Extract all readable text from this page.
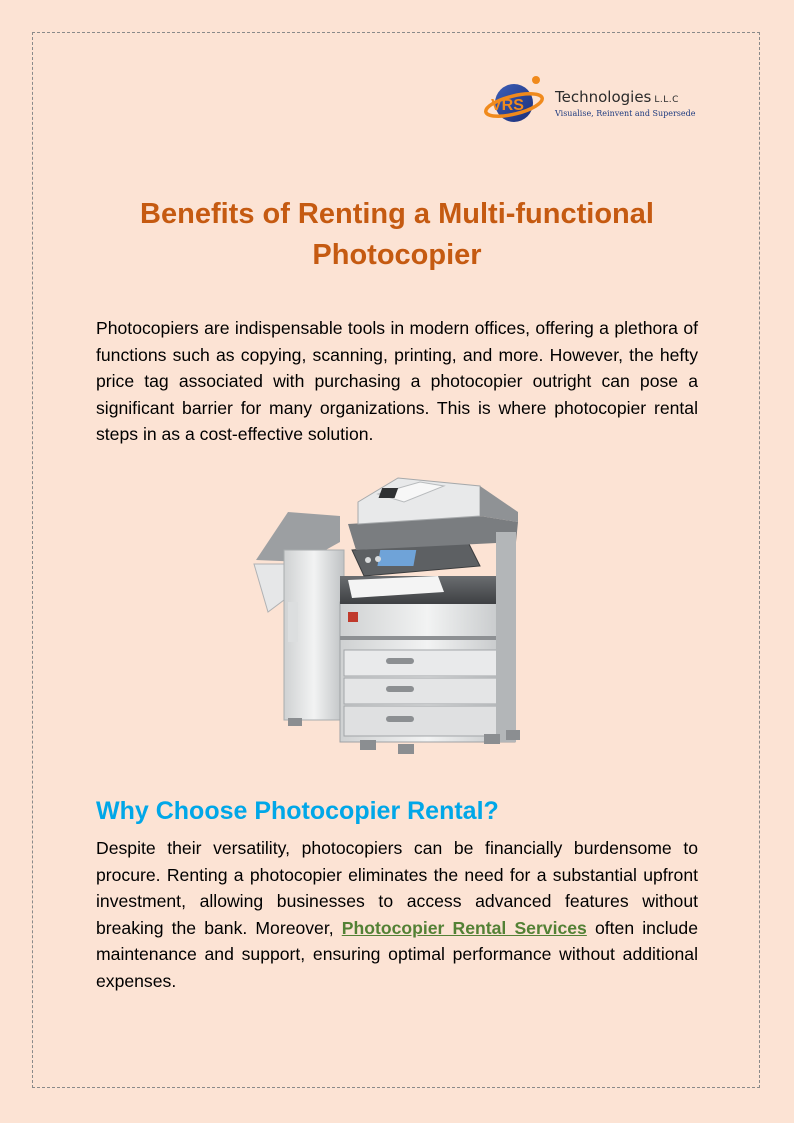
VRS Technologies L.L.C
Visualise, Reinvent and Supersede
Benefits of Renting a Multi-functional Photocopier

Photocopiers are indispensable tools in modern offices, offering a plethora of functions such as copying, scanning, printing, and more. However, the hefty price tag associated with purchasing a photocopier outright can pose a significant barrier for many organizations. This is where photocopier rental steps in as a cost-effective solution.

Why Choose Photocopier Rental?

Despite their versatility, photocopiers can be financially burdensome to procure. Renting a photocopier eliminates the need for a substantial upfront investment, allowing businesses to access advanced features without breaking the bank. Moreover, Photocopier Rental Services often include maintenance and support, ensuring optimal performance without additional expenses.
